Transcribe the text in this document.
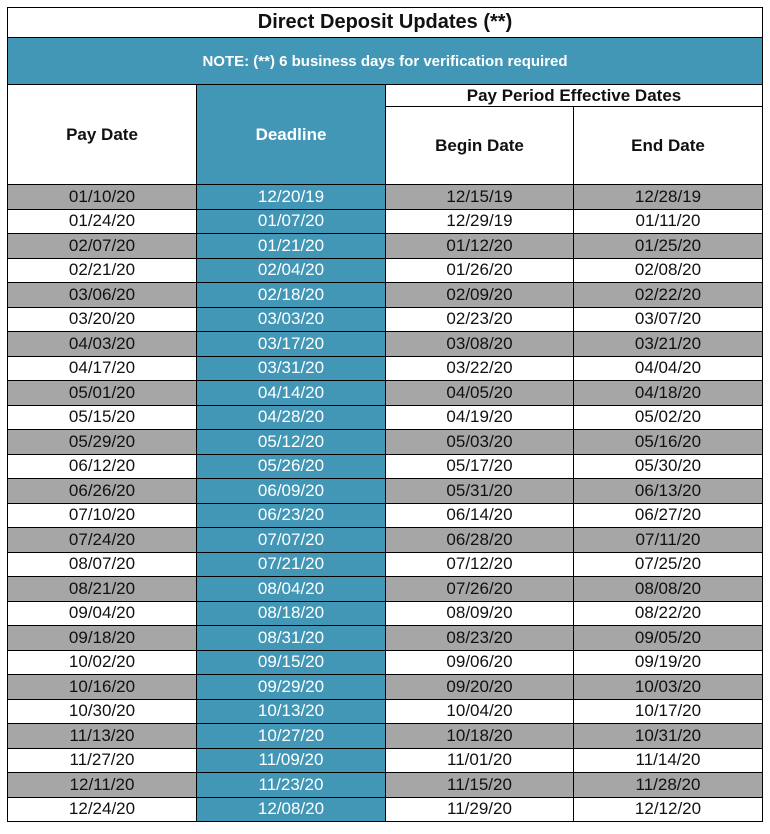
Direct Deposit Updates (**)			
NOTE: (**) 6 business days for verification required			
Pay Date	Deadline	Pay Period Effective Dates	
		Begin Date	End Date
01/10/20	12/20/19	12/15/19	12/28/19
01/24/20	01/07/20	12/29/19	01/11/20
02/07/20	01/21/20	01/12/20	01/25/20
02/21/20	02/04/20	01/26/20	02/08/20
03/06/20	02/18/20	02/09/20	02/22/20
03/20/20	03/03/20	02/23/20	03/07/20
04/03/20	03/17/20	03/08/20	03/21/20
04/17/20	03/31/20	03/22/20	04/04/20
05/01/20	04/14/20	04/05/20	04/18/20
05/15/20	04/28/20	04/19/20	05/02/20
05/29/20	05/12/20	05/03/20	05/16/20
06/12/20	05/26/20	05/17/20	05/30/20
06/26/20	06/09/20	05/31/20	06/13/20
07/10/20	06/23/20	06/14/20	06/27/20
07/24/20	07/07/20	06/28/20	07/11/20
08/07/20	07/21/20	07/12/20	07/25/20
08/21/20	08/04/20	07/26/20	08/08/20
09/04/20	08/18/20	08/09/20	08/22/20
09/18/20	08/31/20	08/23/20	09/05/20
10/02/20	09/15/20	09/06/20	09/19/20
10/16/20	09/29/20	09/20/20	10/03/20
10/30/20	10/13/20	10/04/20	10/17/20
11/13/20	10/27/20	10/18/20	10/31/20
11/27/20	11/09/20	11/01/20	11/14/20
12/11/20	11/23/20	11/15/20	11/28/20
12/24/20	12/08/20	11/29/20	12/12/20
